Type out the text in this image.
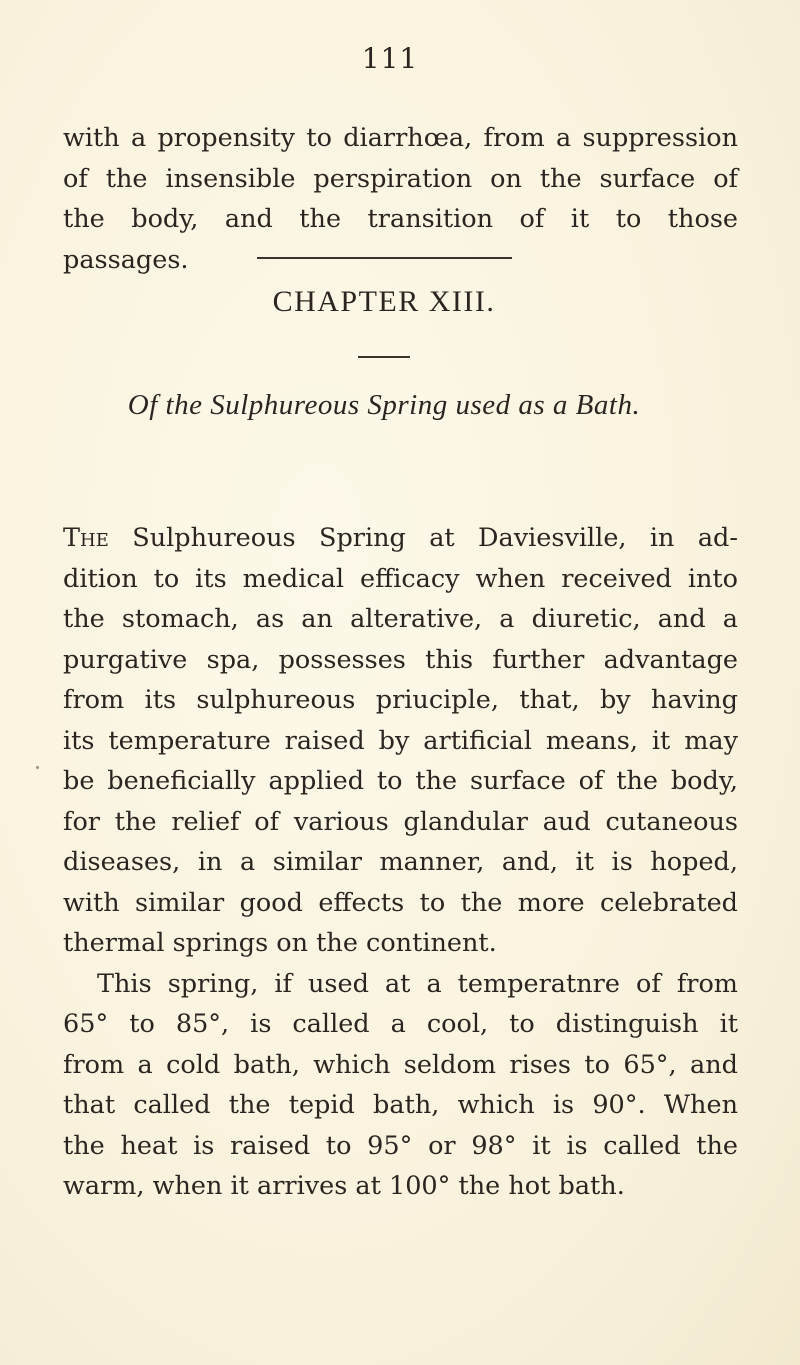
111
with a propensity to diarrhœa, from a suppression
of the insensible perspiration on the surface of
the body, and the transition of it to those
passages.
CHAPTER XIII.
Of the Sulphureous Spring used as a Bath.
The Sulphureous Spring at Daviesville, in ad-
dition to its medical efficacy when received into
the stomach, as an alterative, a diuretic, and a
purgative spa, possesses this further advantage
from its sulphureous priuciple, that, by having
its temperature raised by artificial means, it may
be beneficially applied to the surface of the body,
for the relief of various glandular aud cutaneous
diseases, in a similar manner, and, it is hoped,
with similar good effects to the more celebrated
thermal springs on the continent.
This spring, if used at a temperatnre of from
65° to 85°, is called a cool, to distinguish it
from a cold bath, which seldom rises to 65°, and
that called the tepid bath, which is 90°. When
the heat is raised to 95° or 98° it is called the
warm, when it arrives at 100° the hot bath.
